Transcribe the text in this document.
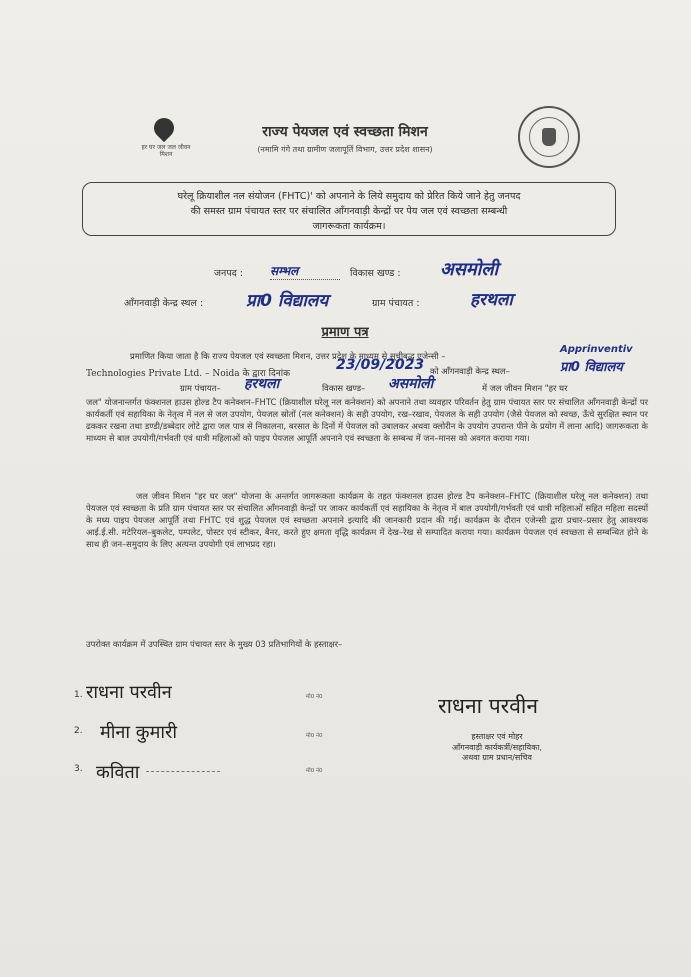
हर घर जल जल जीवन मिशन
राज्य पेयजल एवं स्वच्छता मिशन
(नमामि गंगे तथा ग्रामीण जलापूर्ति विभाग, उत्तर प्रदेश शासन)
घरेलू क्रियाशील नल संयोजन (FHTC)' को अपनाने के लिये समुदाय को प्रेरित किये जाने हेतु जनपद
की समस्त ग्राम पंचायत स्तर पर संचालित आँगनवाड़ी केन्द्रों पर पेय जल एवं स्वच्छता सम्बन्धी
जागरूकता कार्यक्रम।
जनपद : सम्भल	विकास खण्ड : असमोली
आँगनवाड़ी केन्द्र स्थल :	प्रा0 विद्यालय	ग्राम पंचायत :	हरथला
प्रमाण पत्र
प्रमाणित किया जाता है कि राज्य पेयजल एवं स्वच्छता मिशन, उत्तर प्रदेश के माध्यम से सूचीबद्ध एजेन्सी –
Apprinventiv
Technologies Private Ltd. – Noida के द्वारा दिनांक
23/09/2023 को आँगनवाड़ी केन्द्र स्थल–	प्रा0 विद्यालय
ग्राम पंचायत– हरथला	विकास खण्ड– असमोली	में जल जीवन मिशन "हर घर
जल" योजनान्तर्गत फंक्शनल हाउस होल्ड टैप कनेक्शन–FHTC (क्रियाशील घरेलू नल कनेक्शन) को अपनाने तथा व्यवहार परिवर्तन हेतु ग्राम पंचायत स्तर पर संचालित आँगनवाड़ी केन्द्रों पर कार्यकर्ती एवं सहायिका के नेतृत्व में नल से जल उपयोग, पेयजल स्रोतों (नल कनेक्शन) के सही उपयोग, रख–रखाव, पेयजल के सही उपयोग (जैसे पेयजल को स्वच्छ, ऊँचे सुरक्षित स्थान पर ढककर रखना तथा डण्डी/डब्बेदार लोटे द्वारा जल पात्र से निकालना, बरसात के दिनों में पेयजल को उबालकर अथवा क्लोरीन के उपयोग उपरान्त पीने के प्रयोग में लाना आदि) जागरूकता के माध्यम से बाल उपयोगी/गर्भवती एवं धात्री महिलाओं को पाइप पेयजल आपूर्ति अपनाने एवं स्वच्छता के सम्बन्ध में जन–मानस को अवगत कराया गया।
जल जीवन मिशन "हर घर जल" योजना के अन्तर्गत जागरूकता कार्यक्रम के तहत फंक्शनल हाउस होल्ड टैप कनेक्शन–FHTC (क्रियाशील घरेलू नल कनेक्शन) तथा पेयजल एवं स्वच्छता के प्रति ग्राम पंचायत स्तर पर संचालित आँगनवाड़ी केन्द्रों पर जाकर कार्यकर्ती एवं सहायिका के नेतृत्व में बाल उपयोगी/गर्भवती एवं धात्री महिलाओं सहित महिला सदस्यों के मध्य पाइप पेयजल आपूर्ति तथा FHTC एवं शुद्ध पेयजल एवं स्वच्छता अपनाने इत्यादि की जानकारी प्रदान की गई। कार्यक्रम के दौरान एजेन्सी द्वारा प्रचार–प्रसार हेतु आवश्यक आई.ई.सी. मटेरियल–बुकलेट, पम्पलेट, पोस्टर एवं स्टीकर, बैनर, करते हुए क्षमता वृद्धि कार्यक्रम में देख–रेख से सम्पादित कराया गया। कार्यक्रम पेयजल एवं स्वच्छता से सम्बन्धित होने के साथ ही जन–समुदाय के लिए अत्यन्त उपयोगी एवं लाभप्रद रहा।
उपरोक्त कार्यक्रम में उपस्थित ग्राम पंचायत स्तर के मुख्य 03 प्रतिभागियों के हस्ताक्षर–
1. राधना परवीन	मो0 नं0
2. मीना कुमारी	मो0 नं0
3. कविता	मो0 नं0
राधना परवीन
हस्ताक्षर एवं मोहर
आँगनवाड़ी कार्यकर्त्री/सहायिका,
अथवा ग्राम प्रधान/सचिव
